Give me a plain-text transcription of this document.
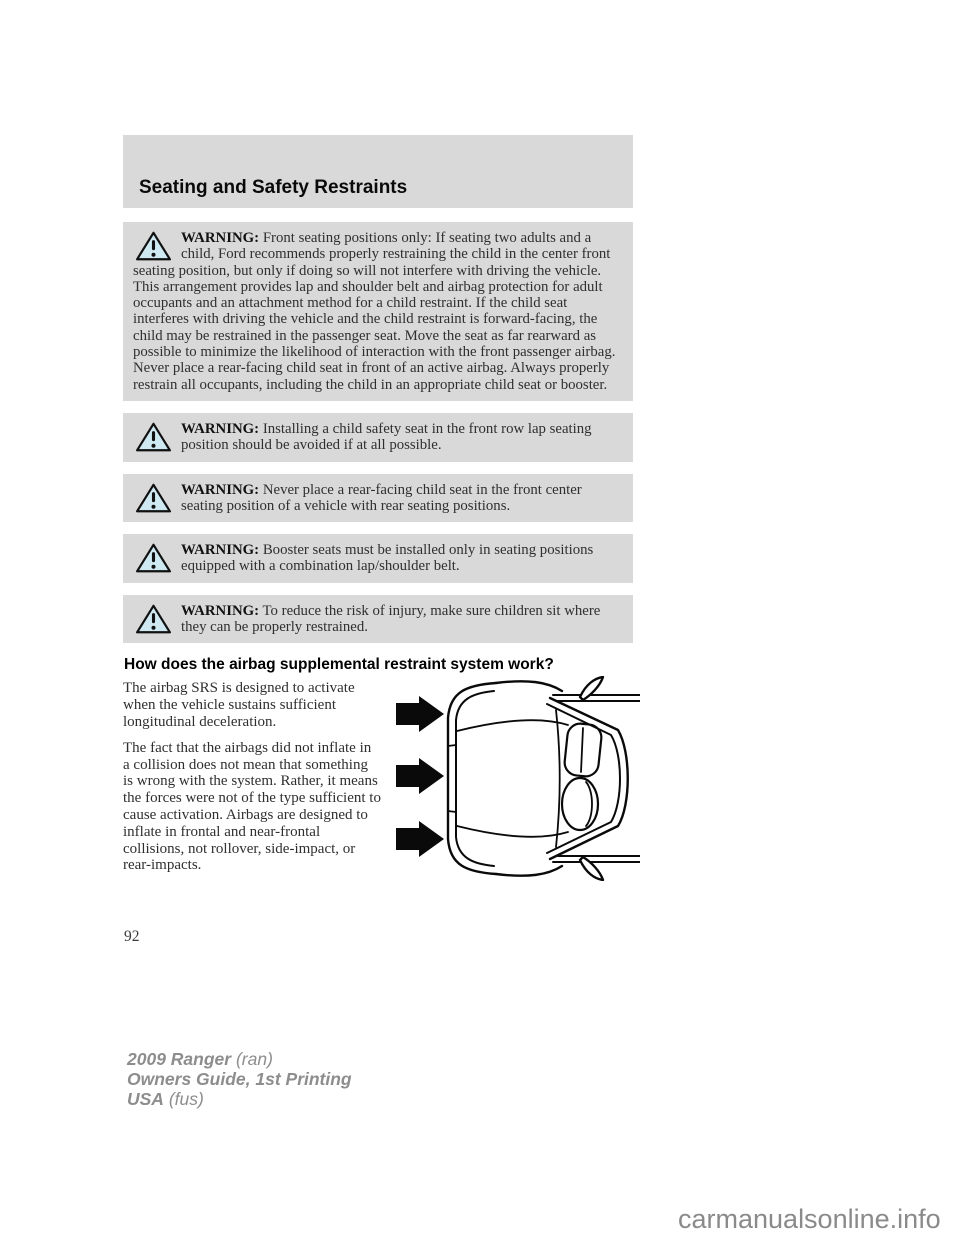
Seating and Safety Restraints
WARNING: Front seating positions only: If seating two adults and a child, Ford recommends properly restraining the child in the center front seating position, but only if doing so will not interfere with driving the vehicle. This arrangement provides lap and shoulder belt and airbag protection for adult occupants and an attachment method for a child restraint. If the child seat interferes with driving the vehicle and the child restraint is forward-facing, the child may be restrained in the passenger seat. Move the seat as far rearward as possible to minimize the likelihood of interaction with the front passenger airbag. Never place a rear-facing child seat in front of an active airbag. Always properly restrain all occupants, including the child in an appropriate child seat or booster.
WARNING: Installing a child safety seat in the front row lap seating position should be avoided if at all possible.
WARNING: Never place a rear-facing child seat in the front center seating position of a vehicle with rear seating positions.
WARNING: Booster seats must be installed only in seating positions equipped with a combination lap/shoulder belt.
WARNING: To reduce the risk of injury, make sure children sit where they can be properly restrained.
How does the airbag supplemental restraint system work?

The airbag SRS is designed to activate when the vehicle sustains sufficient longitudinal deceleration.

The fact that the airbags did not inflate in a collision does not mean that something is wrong with the system. Rather, it means the forces were not of the type sufficient to cause activation. Airbags are designed to inflate in frontal and near-frontal collisions, not rollover, side-impact, or rear-impacts.

92
2009 Ranger (ran)
Owners Guide, 1st Printing
USA (fus)
carmanualsonline.info
